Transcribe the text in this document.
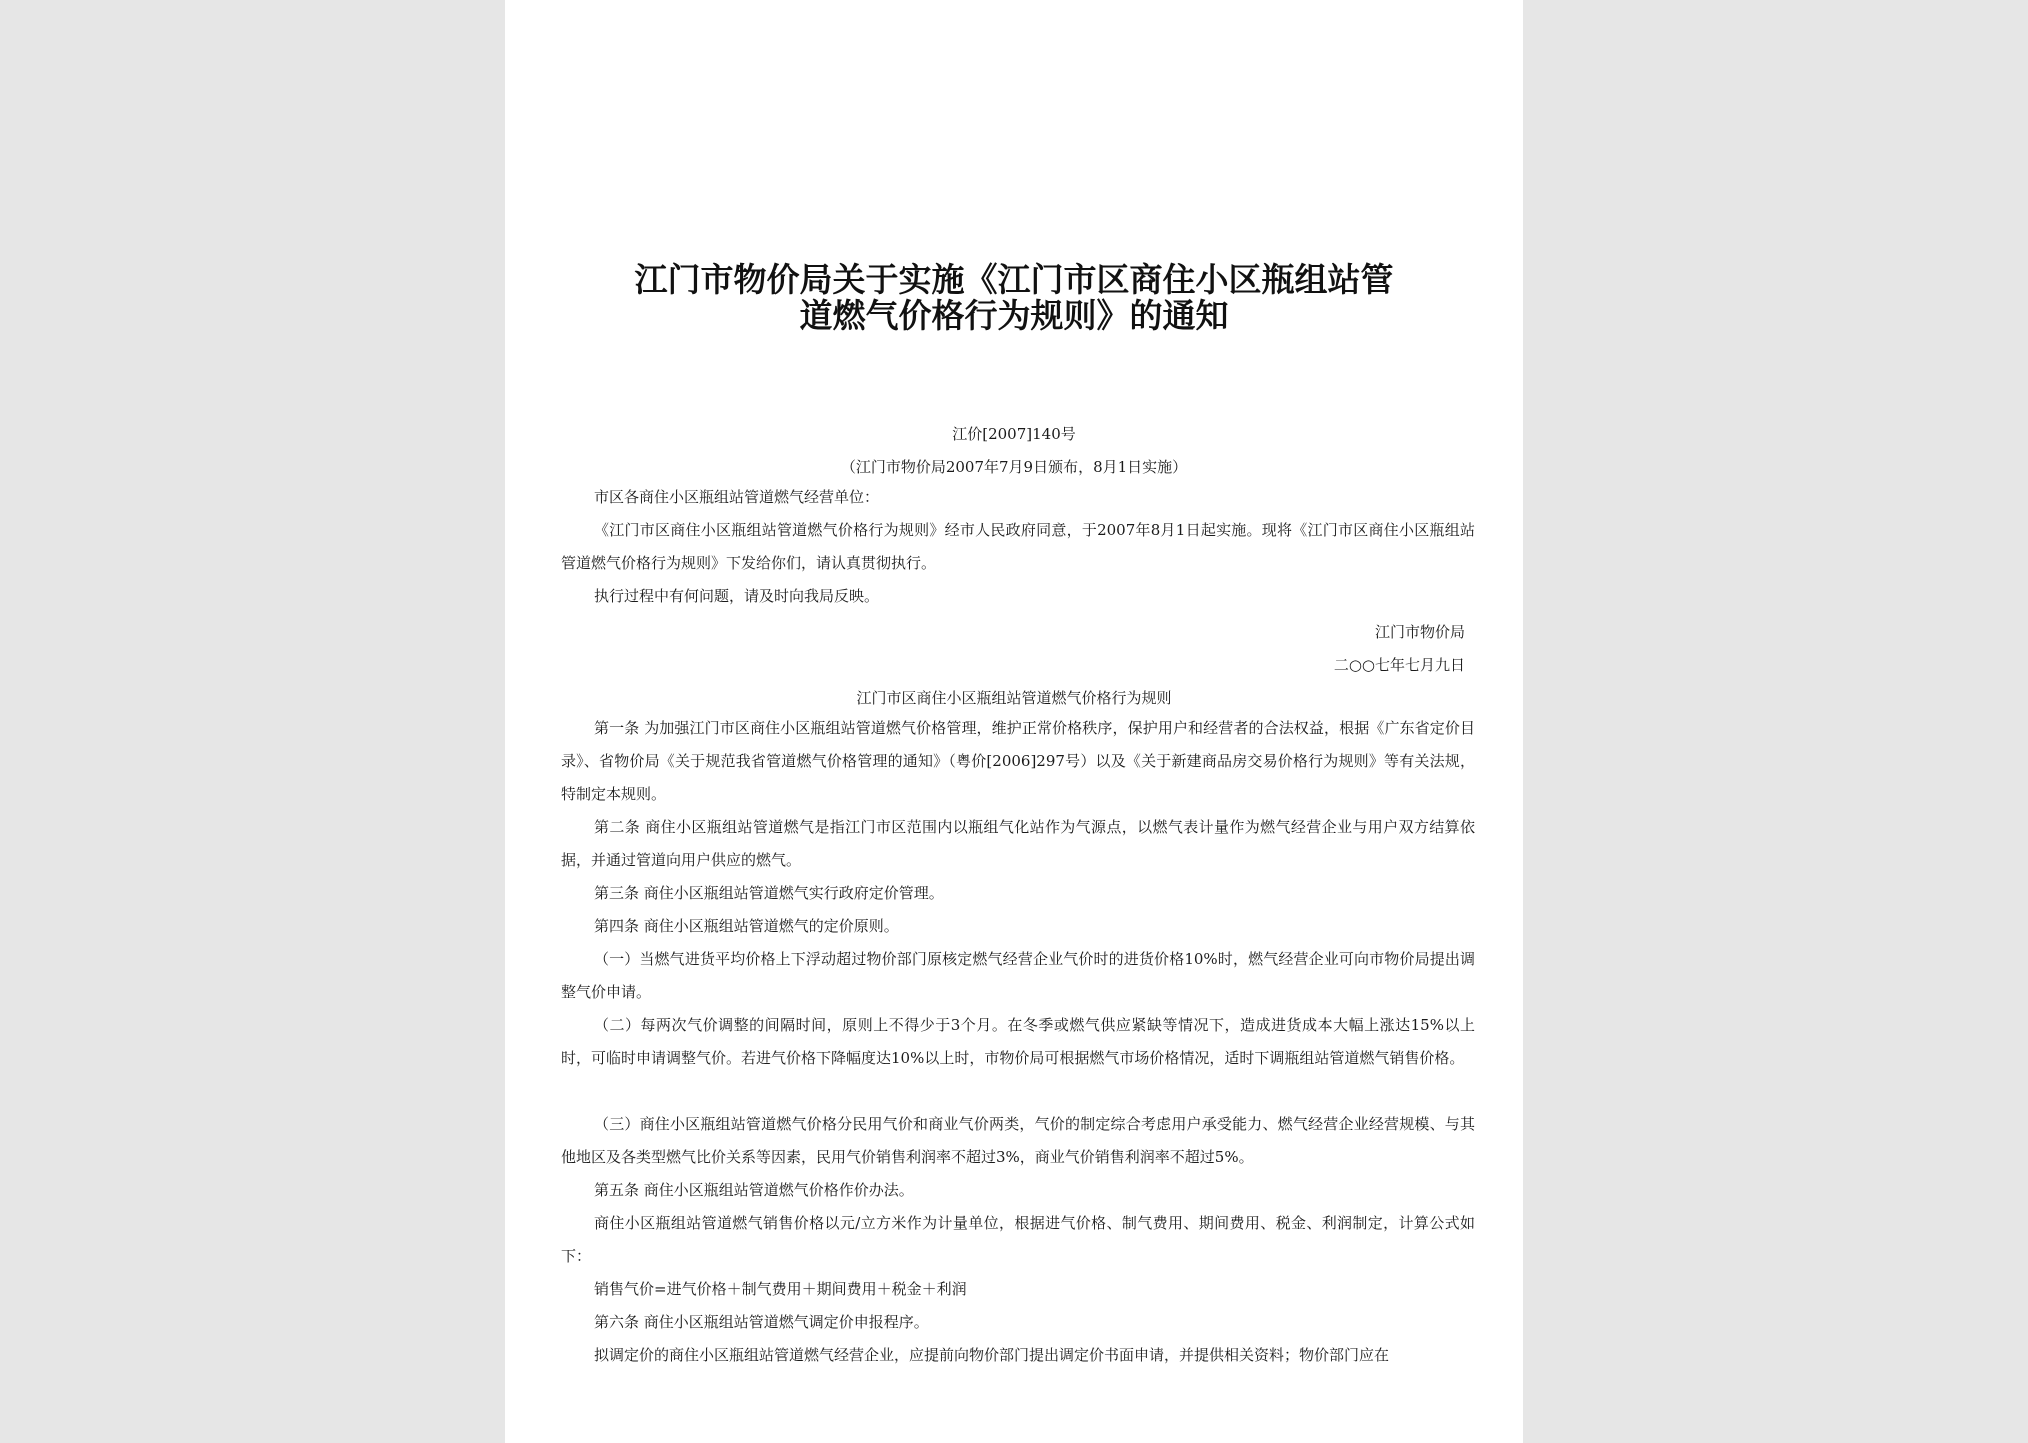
江门市物价局关于实施《江门市区商住小区瓶组站管
道燃气价格行为规则》的通知
江价[2007]140号
（江门市物价局2007年7月9日颁布，8月1日实施）

市区各商住小区瓶组站管道燃气经营单位：

《江门市区商住小区瓶组站管道燃气价格行为规则》经市人民政府同意，于2007年8月1日起实施。现将《江门市区商住小区瓶组站管道燃气价格行为规则》下发给你们，请认真贯彻执行。

执行过程中有何问题，请及时向我局反映。

江门市物价局
二○○七年七月九日
江门市区商住小区瓶组站管道燃气价格行为规则

第一条 为加强江门市区商住小区瓶组站管道燃气价格管理，维护正常价格秩序，保护用户和经营者的合法权益，根据《广东省定价目录》、省物价局《关于规范我省管道燃气价格管理的通知》（粤价[2006]297号）以及《关于新建商品房交易价格行为规则》等有关法规，特制定本规则。

第二条 商住小区瓶组站管道燃气是指江门市区范围内以瓶组气化站作为气源点，以燃气表计量作为燃气经营企业与用户双方结算依据，并通过管道向用户供应的燃气。

第三条 商住小区瓶组站管道燃气实行政府定价管理。

第四条 商住小区瓶组站管道燃气的定价原则。

（一）当燃气进货平均价格上下浮动超过物价部门原核定燃气经营企业气价时的进货价格10%时，燃气经营企业可向市物价局提出调整气价申请。

（二）每两次气价调整的间隔时间，原则上不得少于3个月。在冬季或燃气供应紧缺等情况下，造成进货成本大幅上涨达15%以上时，可临时申请调整气价。若进气价格下降幅度达10%以上时，市物价局可根据燃气市场价格情况，适时下调瓶组站管道燃气销售价格。

（三）商住小区瓶组站管道燃气价格分民用气价和商业气价两类，气价的制定综合考虑用户承受能力、燃气经营企业经营规模、与其他地区及各类型燃气比价关系等因素，民用气价销售利润率不超过3%，商业气价销售利润率不超过5%。

第五条 商住小区瓶组站管道燃气价格作价办法。

商住小区瓶组站管道燃气销售价格以元/立方米作为计量单位，根据进气价格、制气费用、期间费用、税金、利润制定，计算公式如下：

销售气价=进气价格＋制气费用＋期间费用＋税金＋利润

第六条 商住小区瓶组站管道燃气调定价申报程序。

拟调定价的商住小区瓶组站管道燃气经营企业，应提前向物价部门提出调定价书面申请，并提供相关资料；物价部门应在
